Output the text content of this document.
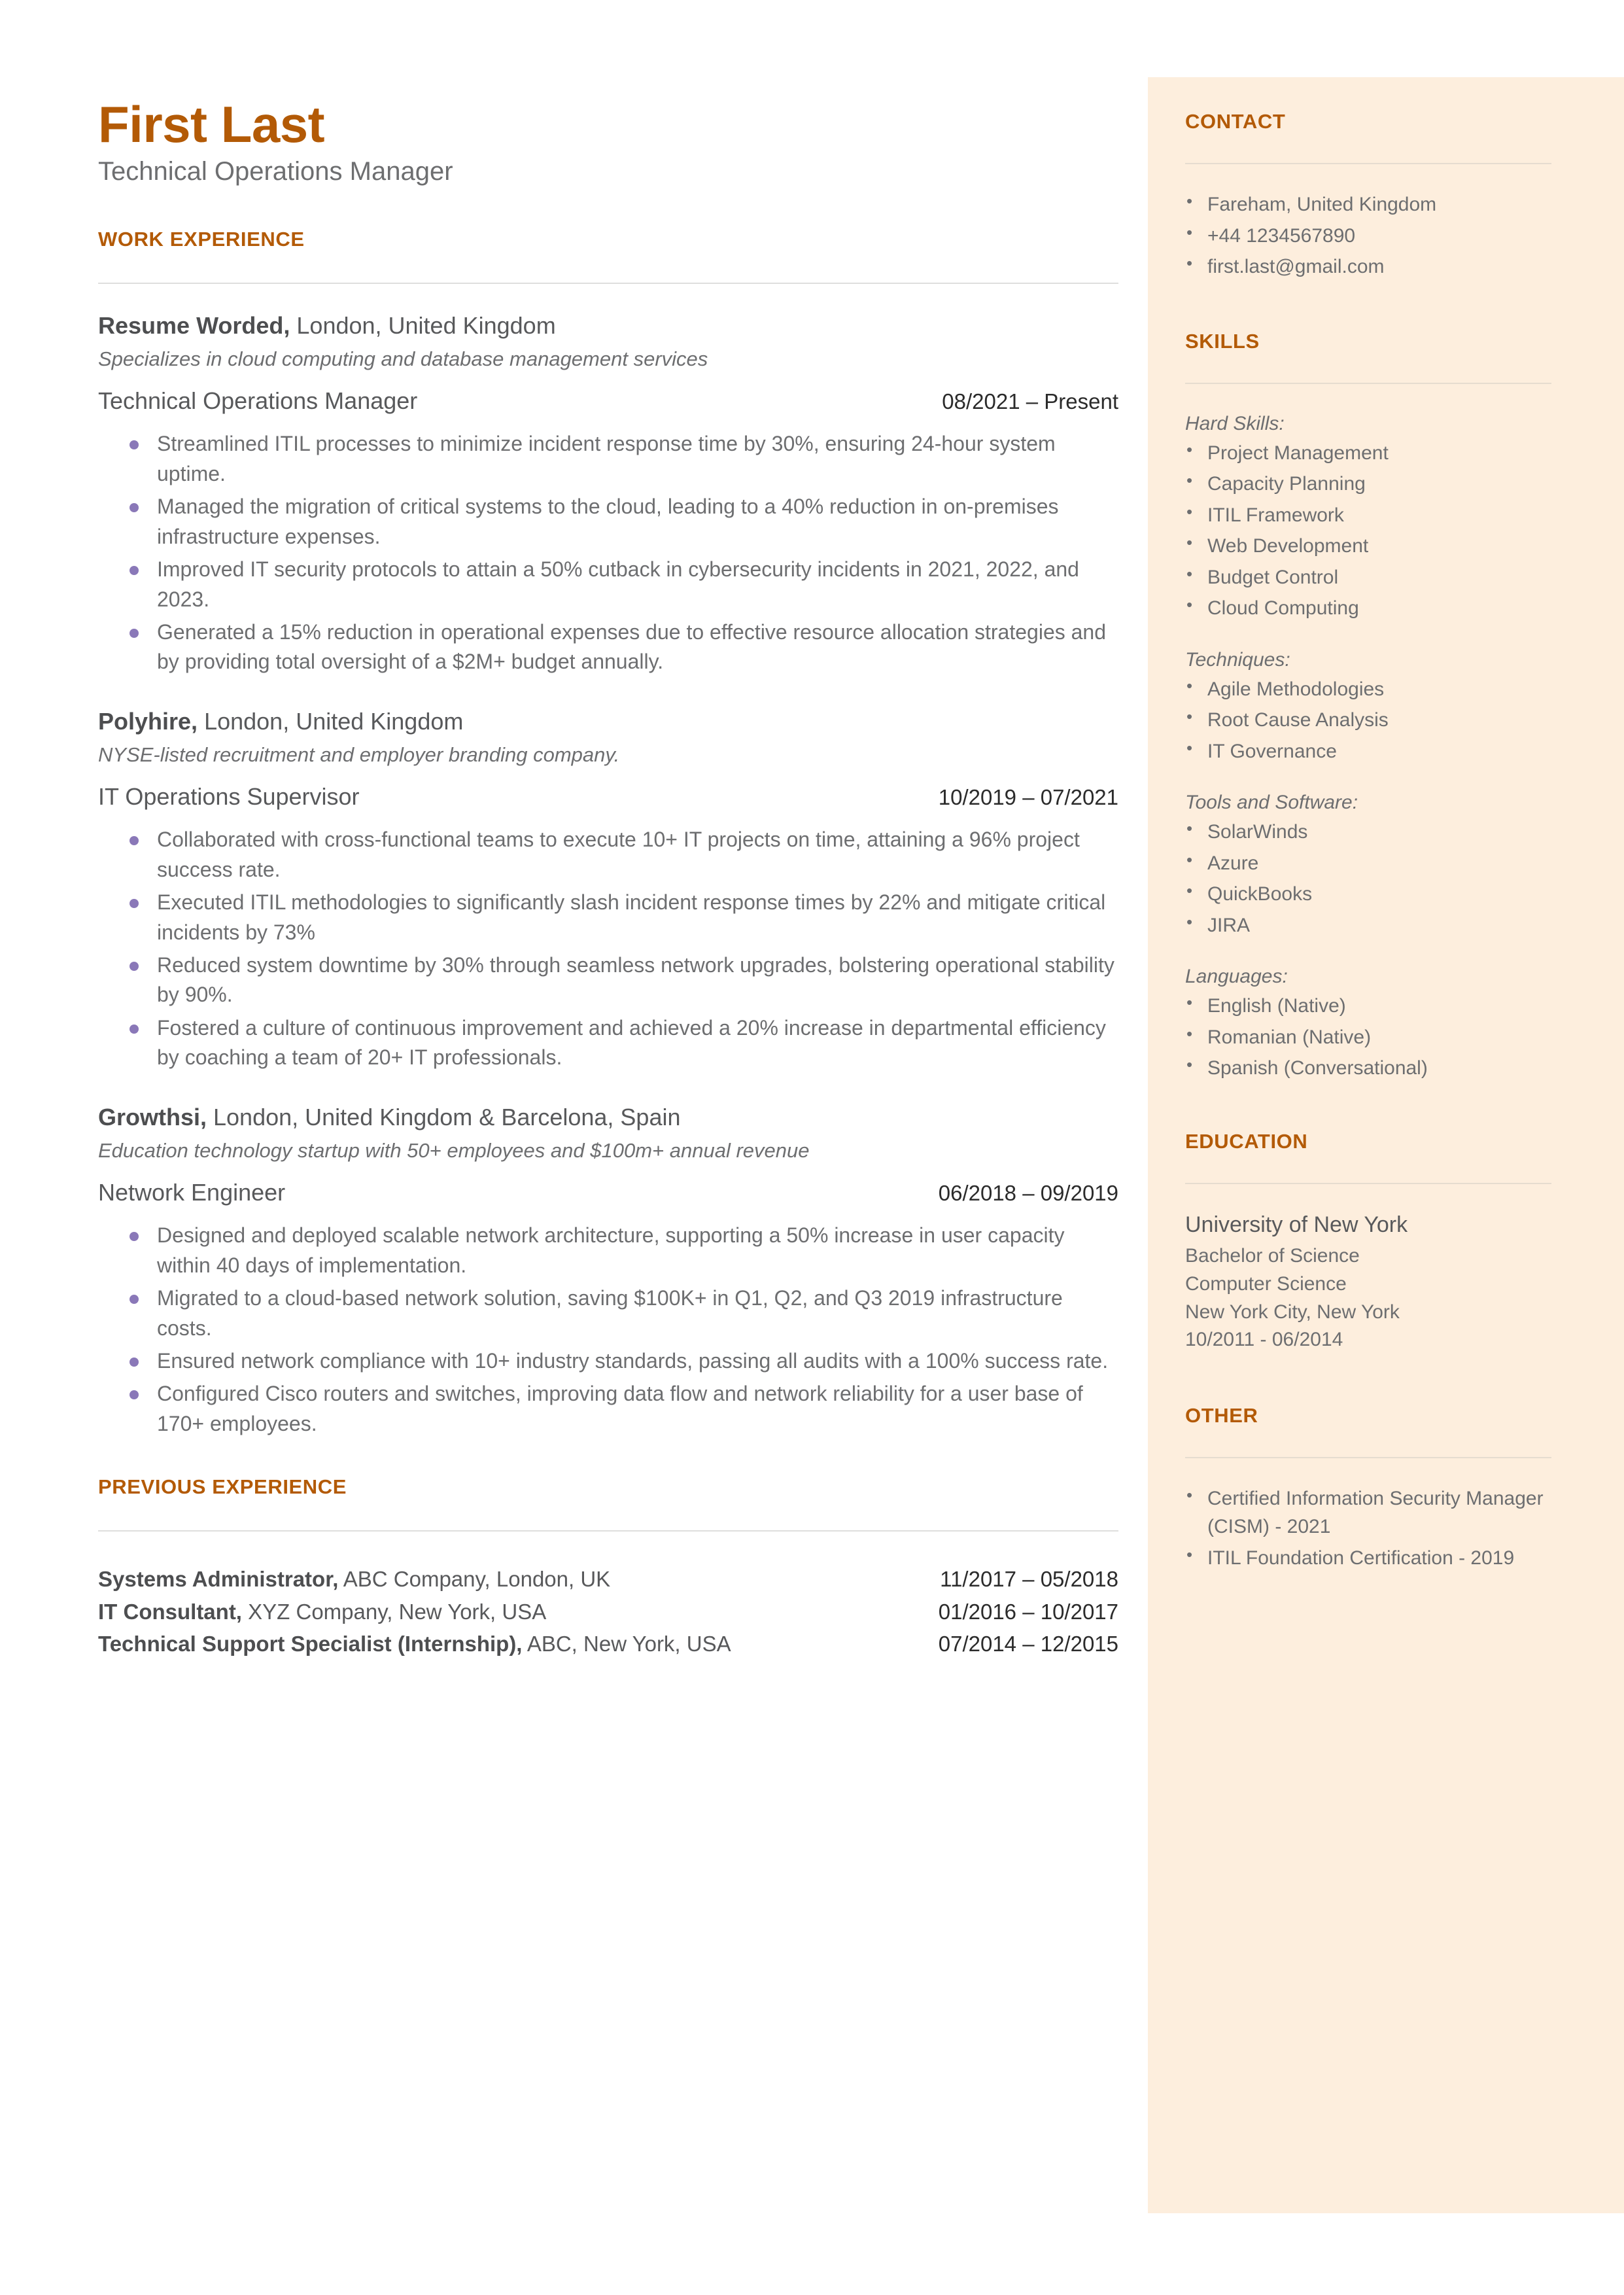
First Last
Technical Operations Manager
WORK EXPERIENCE

Resume Worded, London, United Kingdom

Specializes in cloud computing and database management services

Technical Operations Manager	08/2021 – Present
Streamlined ITIL processes to minimize incident response time by 30%, ensuring 24-hour system uptime.
Managed the migration of critical systems to the cloud, leading to a 40% reduction in on-premises infrastructure expenses.
Improved IT security protocols to attain a 50% cutback in cybersecurity incidents in 2021, 2022, and 2023.
Generated a 15% reduction in operational expenses due to effective resource allocation strategies and by providing total oversight of a $2M+ budget annually.

Polyhire, London, United Kingdom

NYSE-listed recruitment and employer branding company.

IT Operations Supervisor	10/2019 – 07/2021
Collaborated with cross-functional teams to execute 10+ IT projects on time, attaining a 96% project success rate.
Executed ITIL methodologies to significantly slash incident response times by 22% and mitigate critical incidents by 73%
Reduced system downtime by 30% through seamless network upgrades, bolstering operational stability by 90%.
Fostered a culture of continuous improvement and achieved a 20% increase in departmental efficiency by coaching a team of 20+ IT professionals.

Growthsi, London, United Kingdom & Barcelona, Spain

Education technology startup with 50+ employees and $100m+ annual revenue

Network Engineer	06/2018 – 09/2019
Designed and deployed scalable network architecture, supporting a 50% increase in user capacity within 40 days of implementation.
Migrated to a cloud-based network solution, saving $100K+ in Q1, Q2, and Q3 2019 infrastructure costs.
Ensured network compliance with 10+ industry standards, passing all audits with a 100% success rate.
Configured Cisco routers and switches, improving data flow and network reliability for a user base of 170+ employees.
PREVIOUS EXPERIENCE
Systems Administrator, ABC Company, London, UK	11/2017 – 05/2018
IT Consultant, XYZ Company, New York, USA	01/2016 – 10/2017
Technical Support Specialist (Internship), ABC, New York, USA	07/2014 – 12/2015
CONTACT
• Fareham, United Kingdom
• +44 1234567890
• first.last@gmail.com
SKILLS

Hard Skills:

• Project Management
• Capacity Planning
• ITIL Framework
• Web Development
• Budget Control
• Cloud Computing

Techniques:

• Agile Methodologies
• Root Cause Analysis
• IT Governance

Tools and Software:

• SolarWinds
• Azure
• QuickBooks
• JIRA

Languages:

• English (Native)
• Romanian (Native)
• Spanish (Conversational)
EDUCATION

University of New York

Bachelor of Science

Computer Science

New York City, New York

10/2011 - 06/2014

OTHER
• Certified Information Security Manager (CISM) - 2021
• ITIL Foundation Certification - 2019
